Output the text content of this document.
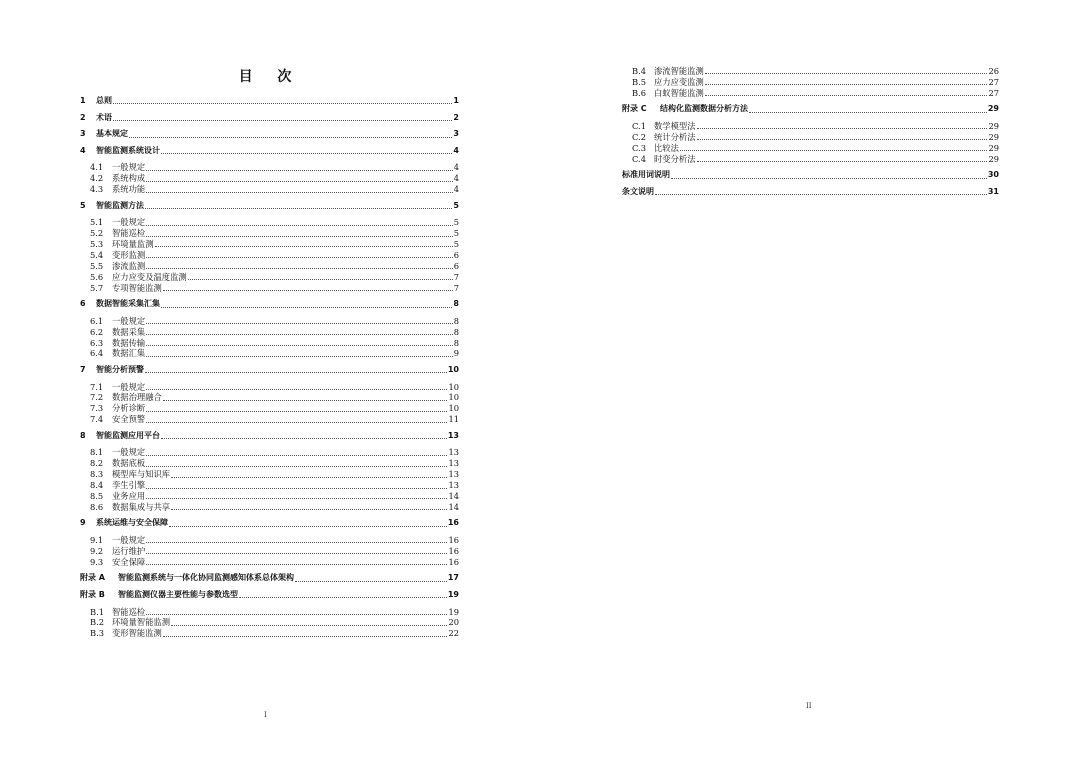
目 次
1	总则	1
2	术语	2
3	基本规定	3
4	智能监测系统设计	4
4.1	一般规定	4
4.2	系统构成	4
4.3	系统功能	4
5	智能监测方法	5
5.1	一般规定	5
5.2	智能巡检	5
5.3	环境量监测	5
5.4	变形监测	6
5.5	渗流监测	6
5.6	应力应变及温度监测	7
5.7	专项智能监测	7
6	数据智能采集汇集	8
6.1	一般规定	8
6.2	数据采集	8
6.3	数据传输	8
6.4	数据汇集	9
7	智能分析预警	10
7.1	一般规定	10
7.2	数据治理融合	10
7.3	分析诊断	10
7.4	安全预警	11
8	智能监测应用平台	13
8.1	一般规定	13
8.2	数据底板	13
8.3	模型库与知识库	13
8.4	孪生引擎	13
8.5	业务应用	14
8.6	数据集成与共享	14
9	系统运维与安全保障	16
9.1	一般规定	16
9.2	运行维护	16
9.3	安全保障	16
附录 A	智能监测系统与一体化协同监测感知体系总体架构	17
附录 B	智能监测仪器主要性能与参数选型	19
B.1 智能巡检	19
B.2 环境量智能监测	20
B.3 变形智能监测	22
I
B.4 渗流智能监测	26
B.5 应力应变监测	27
B.6 白蚁智能监测	27
附录 C	结构化监测数据分析方法	29
C.1 数学模型法	29
C.2 统计分析法	29
C.3 比较法	29
C.4 时变分析法	29
标准用词说明	30
条文说明	31
II
